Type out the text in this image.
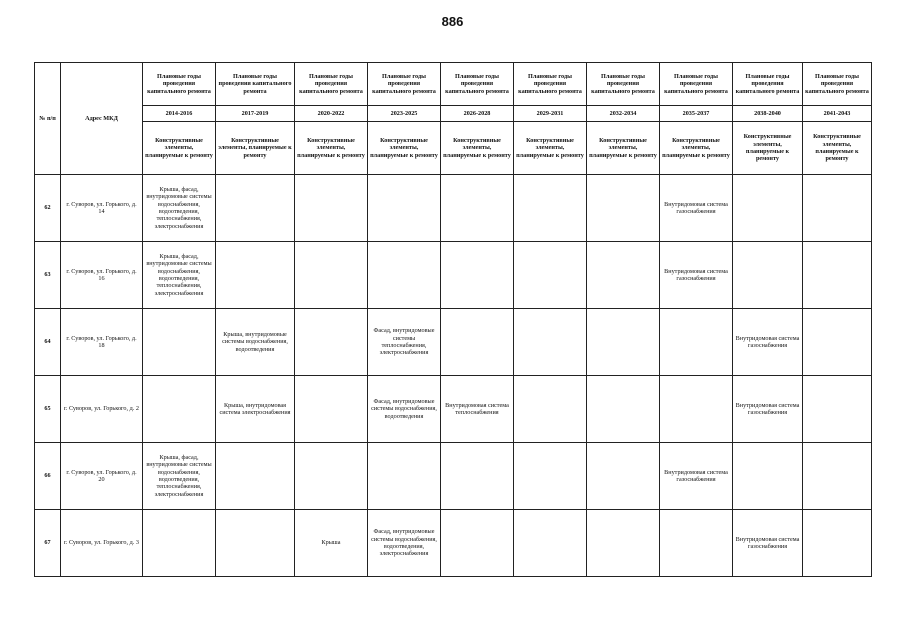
886
№ п/п	Адрес МКД	Плановые годы проведения капитального ремонта	Плановые годы проведения капитального ремонта	Плановые годы проведения капитального ремонта	Плановые годы проведения капитального ремонта	Плановые годы проведения капитального ремонта	Плановые годы проведения капитального ремонта	Плановые годы проведения капитального ремонта	Плановые годы проведения капитального ремонта	Плановые годы проведения капитального ремонта	Плановые годы проведения капитального ремонта
		2014-2016	2017-2019	2020-2022	2023-2025	2026-2028	2029-2031	2032-2034	2035-2037	2038-2040	2041-2043
		Конструктивные элементы, планируемые к ремонту	Конструктивные элементы, планируемые к ремонту	Конструктивные элементы, планируемые к ремонту	Конструктивные элементы, планируемые к ремонту	Конструктивные элементы, планируемые к ремонту	Конструктивные элементы, планируемые к ремонту	Конструктивные элементы, планируемые к ремонту	Конструктивные элементы, планируемые к ремонту	Конструктивные элементы, планируемые к ремонту	Конструктивные элементы, планируемые к ремонту
62	г. Суворов, ул. Горького, д. 14	Крыша, фасад, внутридомовые системы водоснабжения, водоотведения, теплоснабжения, электроснабжения							Внутридомовая система газоснабжения		
63	г. Суворов, ул. Горького, д. 16	Крыша, фасад, внутридомовые системы водоснабжения, водоотведения, теплоснабжения, электроснабжения							Внутридомовая система газоснабжения		
64	г. Суворов, ул. Горького, д. 18		Крыша, внутридомовые системы водоснабжения, водоотведения		Фасад, внутридомовые системы теплоснабжения, электроснабжения					Внутридомовая система газоснабжения	
65	г. Суворов, ул. Горького, д. 2		Крыша, внутридомовая система электроснабжения		Фасад, внутридомовые системы водоснабжения, водоотведения	Внутридомовая система теплоснабжения				Внутридомовая система газоснабжения	
66	г. Суворов, ул. Горького, д. 20	Крыша, фасад, внутридомовые системы водоснабжения, водоотведения, теплоснабжения, электроснабжения							Внутридомовая система газоснабжения		
67	г. Суворов, ул. Горького, д. 3			Крыша	Фасад, внутридомовые системы водоснабжения, водоотведения, электроснабжения					Внутридомовая система газоснабжения	
